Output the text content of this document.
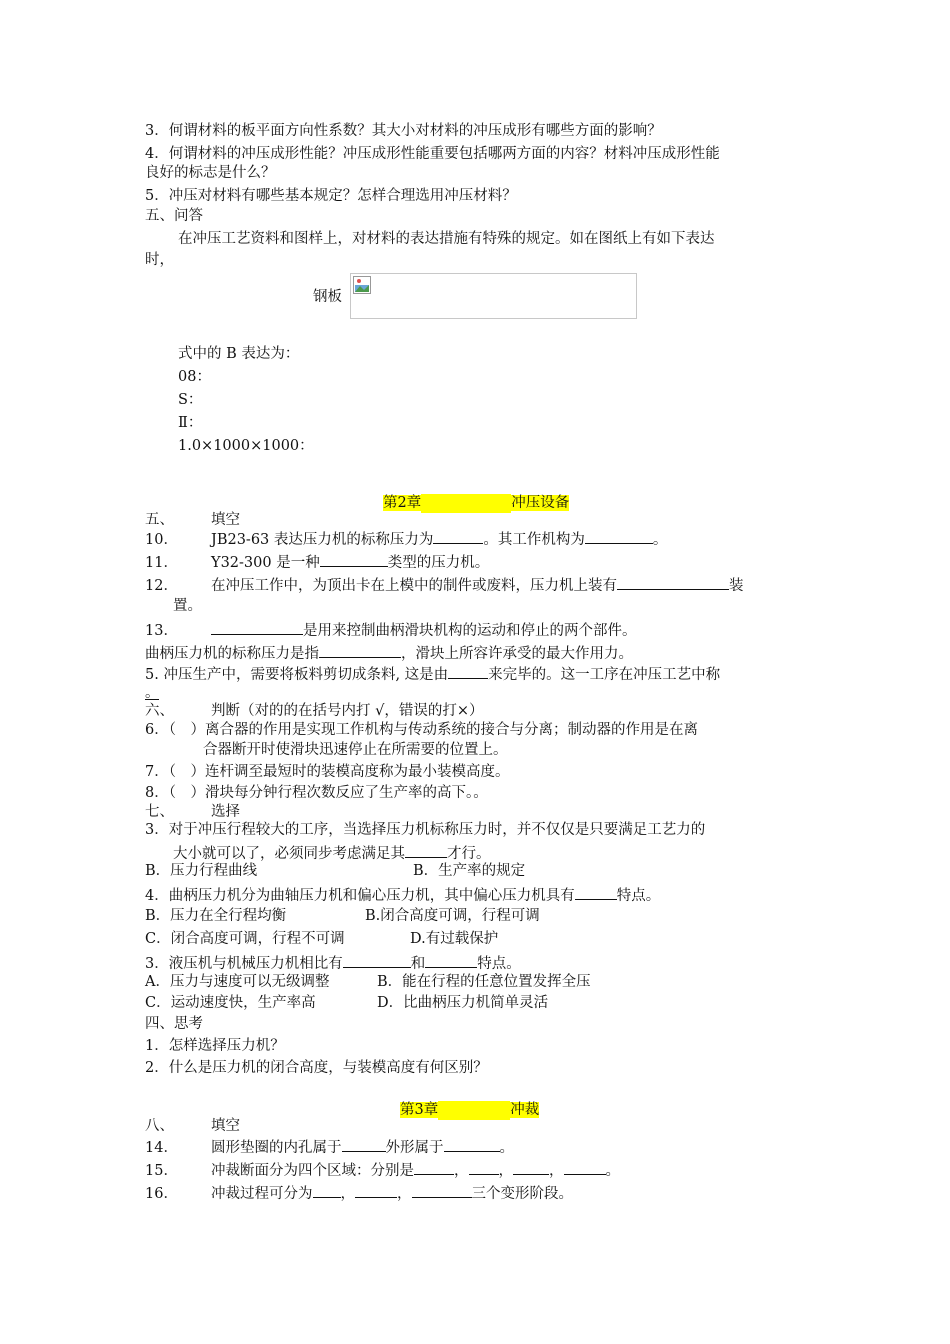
3．何谓材料的板平面方向性系数？其大小对材料的冲压成形有哪些方面的影响？
4．何谓材料的冲压成形性能？冲压成形性能重要包括哪两方面的内容？材料冲压成形性能
良好的标志是什么？
5．冲压对材料有哪些基本规定？怎样合理选用冲压材料？
五、问答
在冲压工艺资料和图样上，对材料的表达措施有特殊的规定。如在图纸上有如下表达
时，
钢板
式中的 B 表达为：
08：
S：
Ⅱ：
1.0×1000×1000：
第2章	冲压设备
五、	填空
10． JB23-63 表达压力机的标称压力为	。其工作机构为	。
11． Y32-300 是一种	类型的压力机。
12． 在冲压工作中，为顶出卡在上模中的制件或废料，压力机上装有	装
置。
13．	是用来控制曲柄滑块机构的运动和停止的两个部件。
曲柄压力机的标称压力是指	，滑块上所容许承受的最大作用力。
5. 冲压生产中，需要将板料剪切成条料, 这是由	来完毕的。这一工序在冲压工艺中称
。
六、	判断（对的的在括号内打 √，错误的打×）
6．（　）离合器的作用是实现工作机构与传动系统的接合与分离；制动器的作用是在离
合器断开时使滑块迅速停止在所需要的位置上。
7．（　）连杆调至最短时的装模高度称为最小装模高度。
8．（　）滑块每分钟行程次数反应了生产率的高下。。
七、	选择
3．对于冲压行程较大的工序，当选择压力机标称压力时，并不仅仅是只要满足工艺力的
大小就可以了，必须同步考虑满足其	才行。
B．压力行程曲线	B．生产率的规定
4．曲柄压力机分为曲轴压力机和偏心压力机，其中偏心压力机具有	特点。
B．压力在全行程均衡	B.闭合高度可调，行程可调
C．闭合高度可调，行程不可调	D.有过载保护
3．液压机与机械压力机相比有	和	特点。
A．压力与速度可以无级调整	B．能在行程的任意位置发挥全压
C．运动速度快，生产率高	D．比曲柄压力机简单灵活
四、思考
1．怎样选择压力机？
2．什么是压力机的闭合高度，与装模高度有何区别？
第3章	冲裁
八、	填空
14． 圆形垫圈的内孔属于	外形属于	。
15． 冲裁断面分为四个区域：分别是	， ， ，	。
16． 冲裁过程可分为 ，	，	三个变形阶段。
